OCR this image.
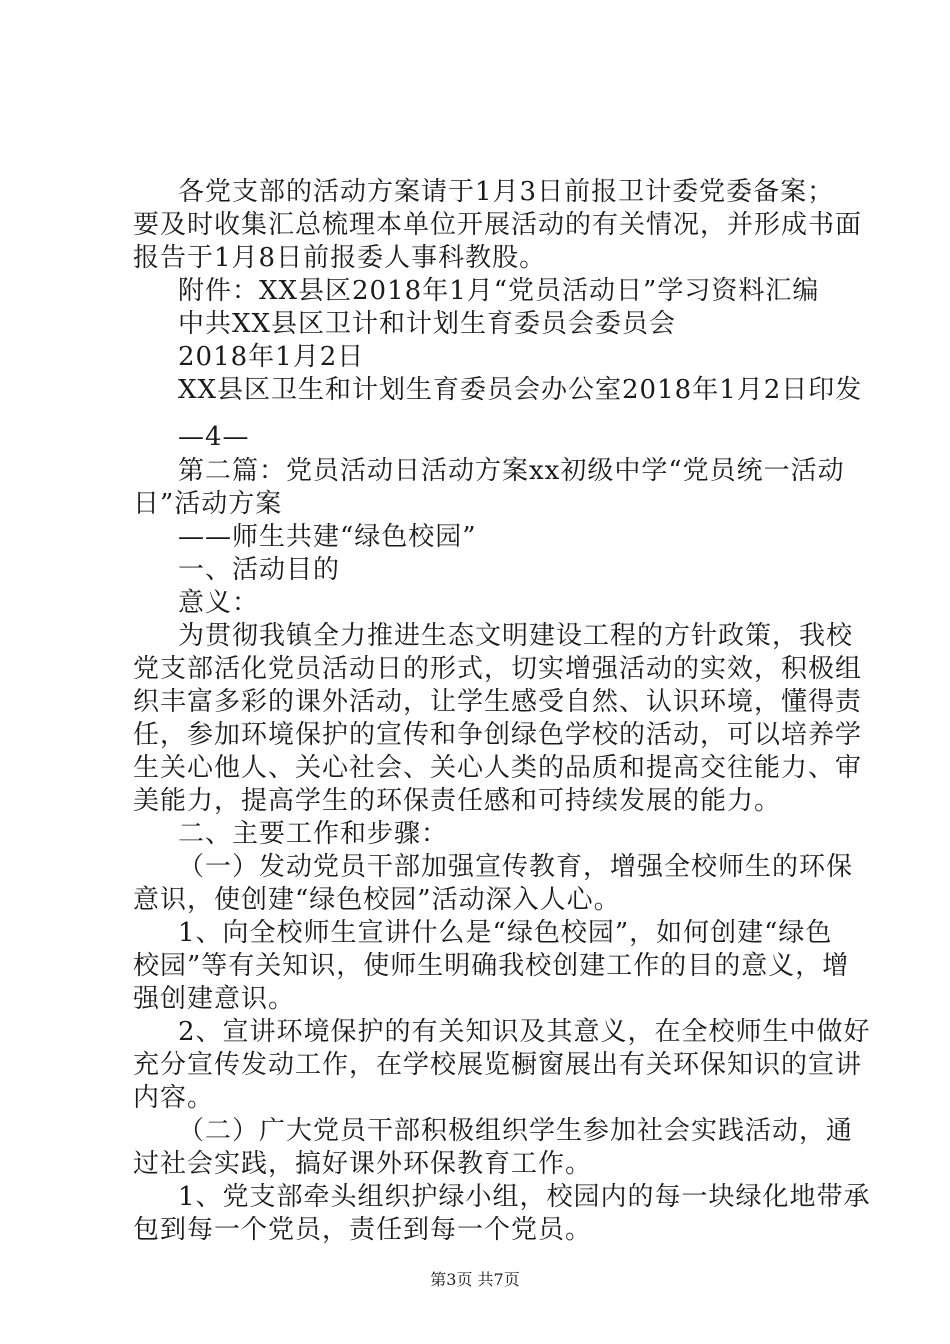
各党支部的活动方案请于1月3日前报卫计委党委备案；
要及时收集汇总梳理本单位开展活动的有关情况，并形成书面
报告于1月8日前报委人事科教股。
附件：XX县区2018年1月“党员活动日”学习资料汇编
中共XX县区卫计和计划生育委员会委员会
2018年1月2日
XX县区卫生和计划生育委员会办公室2018年1月2日印发
—4—
第二篇：党员活动日活动方案xx初级中学“党员统一活动
日”活动方案
——师生共建“绿色校园”
一、活动目的
意义：
为贯彻我镇全力推进生态文明建设工程的方针政策，我校
党支部活化党员活动日的形式，切实增强活动的实效，积极组
织丰富多彩的课外活动，让学生感受自然、认识环境，懂得责
任，参加环境保护的宣传和争创绿色学校的活动，可以培养学
生关心他人、关心社会、关心人类的品质和提高交往能力、审
美能力，提高学生的环保责任感和可持续发展的能力。
二、主要工作和步骤：
（一）发动党员干部加强宣传教育，增强全校师生的环保
意识，使创建“绿色校园”活动深入人心。
1、向全校师生宣讲什么是“绿色校园”，如何创建“绿色
校园”等有关知识，使师生明确我校创建工作的目的意义，增
强创建意识。
2、宣讲环境保护的有关知识及其意义，在全校师生中做好
充分宣传发动工作，在学校展览橱窗展出有关环保知识的宣讲
内容。
（二）广大党员干部积极组织学生参加社会实践活动，通
过社会实践，搞好课外环保教育工作。
1、党支部牵头组织护绿小组，校园内的每一块绿化地带承
包到每一个党员，责任到每一个党员。
第3页 共7页
